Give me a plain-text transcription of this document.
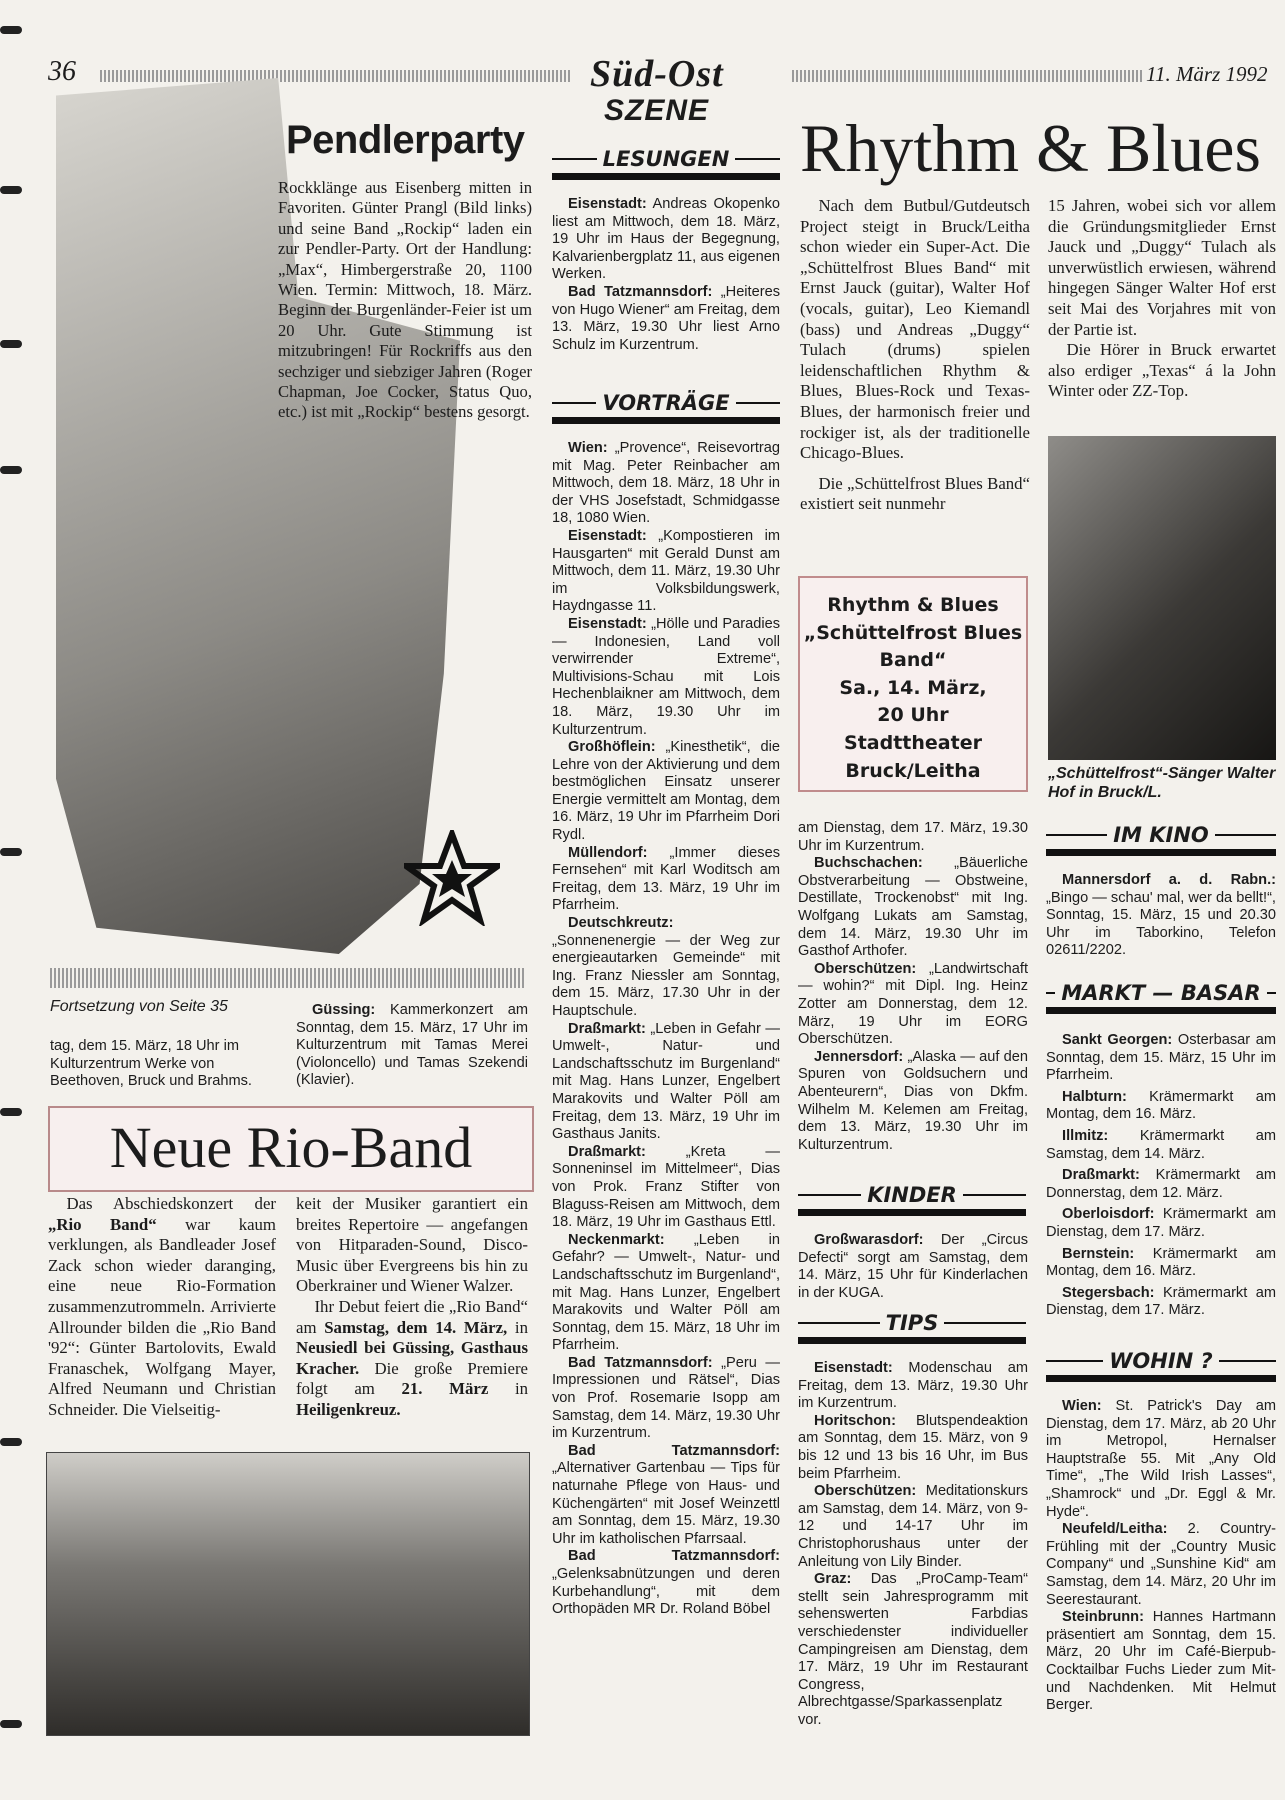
36	Süd-Ost
SZENE
11. März 1992
Pendlerparty
Rockklänge aus Eisenberg mitten in Favoriten. Günter Prangl (Bild links) und seine Band „Rockip“ laden ein zur Pendler-Party. Ort der Handlung: „Max“, Himbergerstraße 20, 1100 Wien. Termin: Mittwoch, 18. März. Beginn der Burgenländer-Feier ist um 20 Uhr. Gute Stimmung ist mitzubringen! Für Rockriffs aus den sechziger und siebziger Jahren (Roger Chapman, Joe Cocker, Status Quo, etc.) ist mit „Rockip“ bestens gesorgt.
Fortsetzung von Seite 35
tag, dem 15. März, 18 Uhr im Kulturzentrum Werke von Beethoven, Bruck und Brahms.

Güssing: Kammerkonzert am Sonntag, dem 15. März, 17 Uhr im Kulturzentrum mit Tamas Merei (Violoncello) und Tamas Szekendi (Klavier).

Neue Rio-Band

Das Abschiedskonzert der „Rio Band“ war kaum verklungen, als Bandleader Josef Zack schon wieder daranging, eine neue Rio-Formation zusammenzutrommeln. Arrivierte Allrounder bilden die „Rio Band '92“: Günter Bartolovits, Ewald Franaschek, Wolfgang Mayer, Alfred Neumann und Christian Schneider. Die Vielseitig-

keit der Musiker garantiert ein breites Repertoire — angefangen von Hitparaden-Sound, Disco-Music über Evergreens bis hin zu Oberkrainer und Wiener Walzer.

Ihr Debut feiert die „Rio Band“ am Samstag, dem 14. März, in Neusiedl bei Güssing, Gasthaus Kracher. Die große Premiere folgt am 21. März in Heiligenkreuz.

LESUNGEN

Eisenstadt: Andreas Okopenko liest am Mittwoch, dem 18. März, 19 Uhr im Haus der Begegnung, Kalvarienbergplatz 11, aus eigenen Werken.

Bad Tatzmannsdorf: „Heiteres von Hugo Wiener“ am Freitag, dem 13. März, 19.30 Uhr liest Arno Schulz im Kurzentrum.

VORTRÄGE

Wien: „Provence“, Reisevortrag mit Mag. Peter Reinbacher am Mittwoch, dem 18. März, 18 Uhr in der VHS Josefstadt, Schmidgasse 18, 1080 Wien.

Eisenstadt: „Kompostieren im Hausgarten“ mit Gerald Dunst am Mittwoch, dem 11. März, 19.30 Uhr im Volksbildungswerk, Haydngasse 11.

Eisenstadt: „Hölle und Paradies — Indonesien, Land voll verwirrender Extreme“, Multivisions-Schau mit Lois Hechenblaikner am Mittwoch, dem 18. März, 19.30 Uhr im Kulturzentrum.

Großhöflein: „Kinesthetik“, die Lehre von der Aktivierung und dem bestmöglichen Einsatz unserer Energie vermittelt am Montag, dem 16. März, 19 Uhr im Pfarrheim Dori Rydl.

Müllendorf: „Immer dieses Fernsehen“ mit Karl Woditsch am Freitag, dem 13. März, 19 Uhr im Pfarrheim.

Deutschkreutz: „Sonnenenergie — der Weg zur energieautarken Gemeinde“ mit Ing. Franz Niessler am Sonntag, dem 15. März, 17.30 Uhr in der Hauptschule.

Draßmarkt: „Leben in Gefahr — Umwelt-, Natur- und Landschaftsschutz im Burgenland“ mit Mag. Hans Lunzer, Engelbert Marakovits und Walter Pöll am Freitag, dem 13. März, 19 Uhr im Gasthaus Janits.

Draßmarkt: „Kreta — Sonneninsel im Mittelmeer“, Dias von Prok. Franz Stifter von Blaguss-Reisen am Mittwoch, dem 18. März, 19 Uhr im Gasthaus Ettl.

Neckenmarkt: „Leben in Gefahr? — Umwelt-, Natur- und Landschaftsschutz im Burgenland“, mit Mag. Hans Lunzer, Engelbert Marakovits und Walter Pöll am Sonntag, dem 15. März, 18 Uhr im Pfarrheim.

Bad Tatzmannsdorf: „Peru — Impressionen und Rätsel“, Dias von Prof. Rosemarie Isopp am Samstag, dem 14. März, 19.30 Uhr im Kurzentrum.

Bad Tatzmannsdorf: „Alternativer Gartenbau — Tips für naturnahe Pflege von Haus- und Küchengärten“ mit Josef Weinzettl am Sonntag, dem 15. März, 19.30 Uhr im katholischen Pfarrsaal.

Bad Tatzmannsdorf: „Gelenksabnützungen und deren Kurbehandlung“, mit dem Orthopäden MR Dr. Roland Böbel

Rhythm & Blues

Nach dem Butbul/Gutdeutsch Project steigt in Bruck/Leitha schon wieder ein Super-Act. Die „Schüttelfrost Blues Band“ mit Ernst Jauck (guitar), Walter Hof (vocals, guitar), Leo Kiemandl (bass) und Andreas „Duggy“ Tulach (drums) spielen leidenschaftlichen Rhythm & Blues, Blues-Rock und Texas-Blues, der harmonisch freier und rockiger ist, als der traditionelle Chicago-Blues.

Die „Schüttelfrost Blues Band“ existiert seit nunmehr

Rhythm & Blues
„Schüttelfrost Blues
Band“
Sa., 14. März,
20 Uhr
Stadttheater
Bruck/Leitha

15 Jahren, wobei sich vor allem die Gründungsmitglieder Ernst Jauck und „Duggy“ Tulach als unverwüstlich erwiesen, während hingegen Sänger Walter Hof erst seit Mai des Vorjahres mit von der Partie ist.

Die Hörer in Bruck erwartet also erdiger „Texas“ á la John Winter oder ZZ-Top.

„Schüttelfrost“-Sänger Walter Hof in Bruck/L.

am Dienstag, dem 17. März, 19.30 Uhr im Kurzentrum.

Buchschachen: „Bäuerliche Obstverarbeitung — Obstweine, Destillate, Trockenobst“ mit Ing. Wolfgang Lukats am Samstag, dem 14. März, 19.30 Uhr im Gasthof Arthofer.

Oberschützen: „Landwirtschaft — wohin?“ mit Dipl. Ing. Heinz Zotter am Donnerstag, dem 12. März, 19 Uhr im EORG Oberschützen.

Jennersdorf: „Alaska — auf den Spuren von Goldsuchern und Abenteurern“, Dias von Dkfm. Wilhelm M. Kelemen am Freitag, dem 13. März, 19.30 Uhr im Kulturzentrum.

KINDER

Großwarasdorf: Der „Circus Defecti“ sorgt am Samstag, dem 14. März, 15 Uhr für Kinderlachen in der KUGA.

TIPS

Eisenstadt: Modenschau am Freitag, dem 13. März, 19.30 Uhr im Kurzentrum.

Horitschon: Blutspendeaktion am Sonntag, dem 15. März, von 9 bis 12 und 13 bis 16 Uhr, im Bus beim Pfarrheim.

Oberschützen: Meditationskurs am Samstag, dem 14. März, von 9-12 und 14-17 Uhr im Christophorushaus unter der Anleitung von Lily Binder.

Graz: Das „ProCamp-Team“ stellt sein Jahresprogramm mit sehenswerten Farbdias verschiedenster individueller Campingreisen am Dienstag, dem 17. März, 19 Uhr im Restaurant Congress, Albrechtgasse/Sparkassenplatz vor.

IM KINO

Mannersdorf a. d. Rabn.: „Bingo — schau' mal, wer da bellt!“, Sonntag, 15. März, 15 und 20.30 Uhr im Taborkino, Telefon 02611/2202.

MARKT — BASAR

Sankt Georgen: Osterbasar am Sonntag, dem 15. März, 15 Uhr im Pfarrheim.

Halbturn: Krämermarkt am Montag, dem 16. März.

Illmitz: Krämermarkt am Samstag, dem 14. März.

Draßmarkt: Krämermarkt am Donnerstag, dem 12. März.

Oberloisdorf: Krämermarkt am Dienstag, dem 17. März.

Bernstein: Krämermarkt am Montag, dem 16. März.

Stegersbach: Krämermarkt am Dienstag, dem 17. März.

WOHIN ?

Wien: St. Patrick's Day am Dienstag, dem 17. März, ab 20 Uhr im Metropol, Hernalser Hauptstraße 55. Mit „Any Old Time“, „The Wild Irish Lasses“, „Shamrock“ und „Dr. Eggl & Mr. Hyde“.

Neufeld/Leitha: 2. Country-Frühling mit der „Country Music Company“ und „Sunshine Kid“ am Samstag, dem 14. März, 20 Uhr im Seerestaurant.

Steinbrunn: Hannes Hartmann präsentiert am Sonntag, dem 15. März, 20 Uhr im Café-Bierpub-Cocktailbar Fuchs Lieder zum Mit- und Nachdenken. Mit Helmut Berger.
